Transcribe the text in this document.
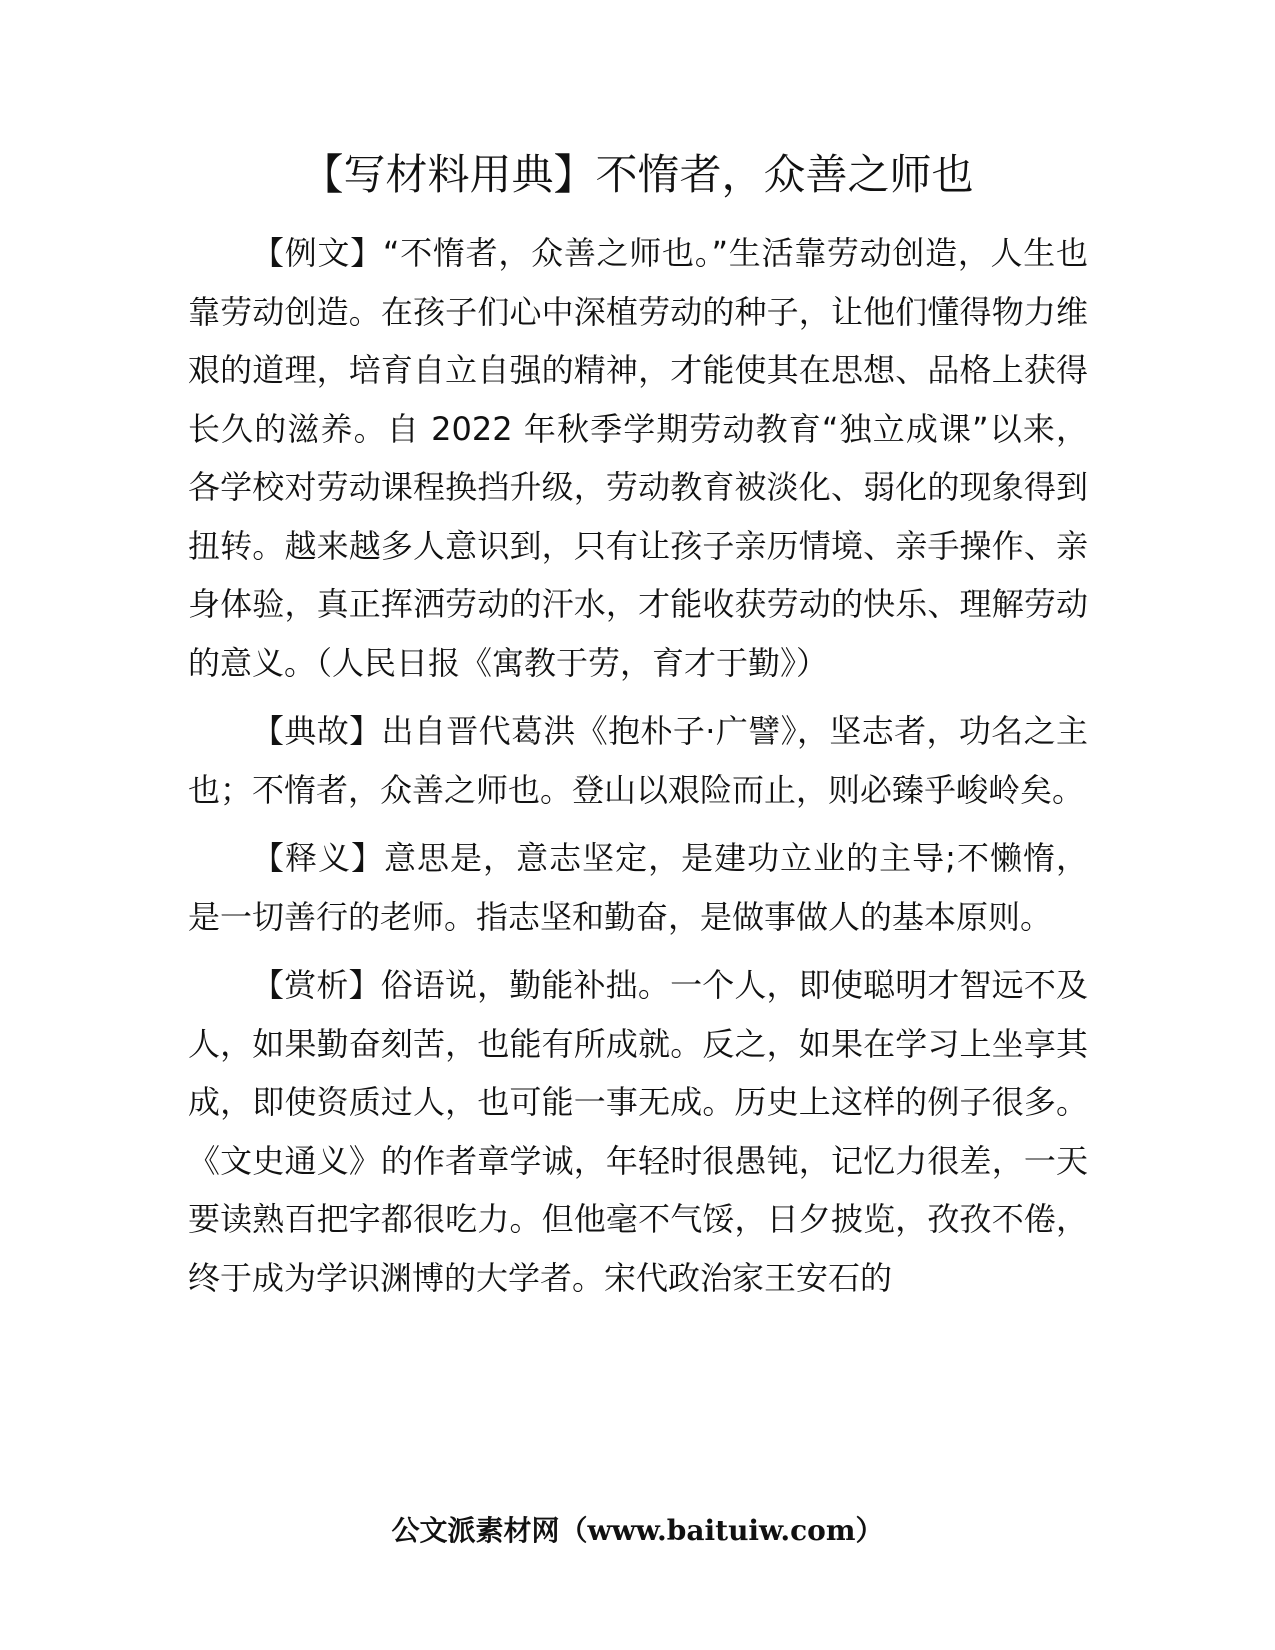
【写材料用典】不惰者，众善之师也

【例文】“不惰者，众善之师也。”生活靠劳动创造，人生也靠劳动创造。在孩子们心中深植劳动的种子，让他们懂得物力维艰的道理，培育自立自强的精神，才能使其在思想、品格上获得长久的滋养。自 2022 年秋季学期劳动教育“独立成课”以来，各学校对劳动课程换挡升级，劳动教育被淡化、弱化的现象得到扭转。越来越多人意识到，只有让孩子亲历情境、亲手操作、亲身体验，真正挥洒劳动的汗水，才能收获劳动的快乐、理解劳动的意义。（人民日报《寓教于劳，育才于勤》）

【典故】出自晋代葛洪《抱朴子·广譬》，坚志者，功名之主也；不惰者，众善之师也。登山以艰险而止，则必臻乎峻岭矣。

【释义】意思是，意志坚定，是建功立业的主导;不懒惰，是一切善行的老师。指志坚和勤奋，是做事做人的基本原则。

【赏析】俗语说，勤能补拙。一个人，即使聪明才智远不及人，如果勤奋刻苦，也能有所成就。反之，如果在学习上坐享其成，即使资质过人，也可能一事无成。历史上这样的例子很多。《文史通义》的作者章学诚，年轻时很愚钝，记忆力很差，一天要读熟百把字都很吃力。但他毫不气馁，日夕披览，孜孜不倦，终于成为学识渊博的大学者。宋代政治家王安石的

公文派素材网（www.baituiw.com）
